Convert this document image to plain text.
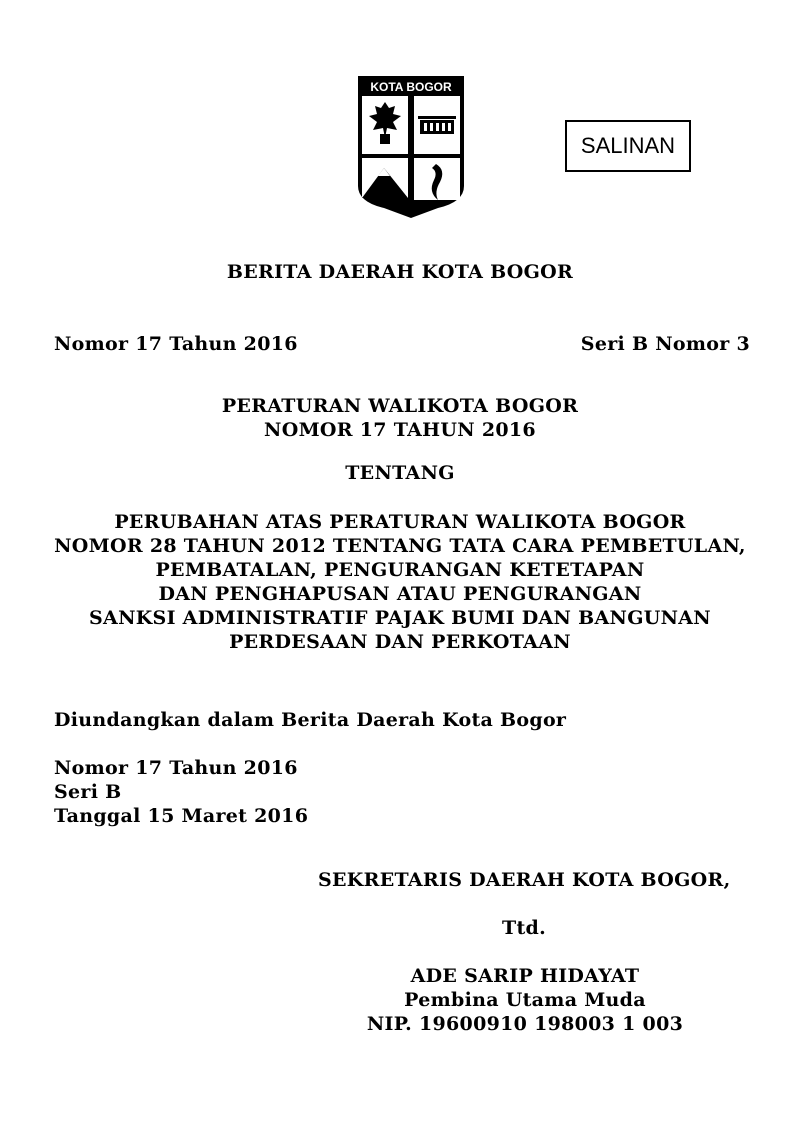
KOTA BOGOR
SALINAN
BERITA DAERAH KOTA BOGOR
Nomor 17 Tahun 2016	Seri B Nomor 3
PERATURAN WALIKOTA BOGOR
NOMOR 17 TAHUN 2016
TENTANG
PERUBAHAN ATAS PERATURAN WALIKOTA BOGOR
NOMOR 28 TAHUN 2012 TENTANG TATA CARA PEMBETULAN,
PEMBATALAN, PENGURANGAN KETETAPAN
DAN PENGHAPUSAN ATAU PENGURANGAN
SANKSI ADMINISTRATIF PAJAK BUMI DAN BANGUNAN
PERDESAAN DAN PERKOTAAN
Diundangkan dalam Berita Daerah Kota Bogor
Nomor 17 Tahun 2016
Seri B
Tanggal 15 Maret 2016
SEKRETARIS DAERAH KOTA BOGOR,
Ttd.
ADE SARIP HIDAYAT
Pembina Utama Muda
NIP. 19600910 198003 1 003
